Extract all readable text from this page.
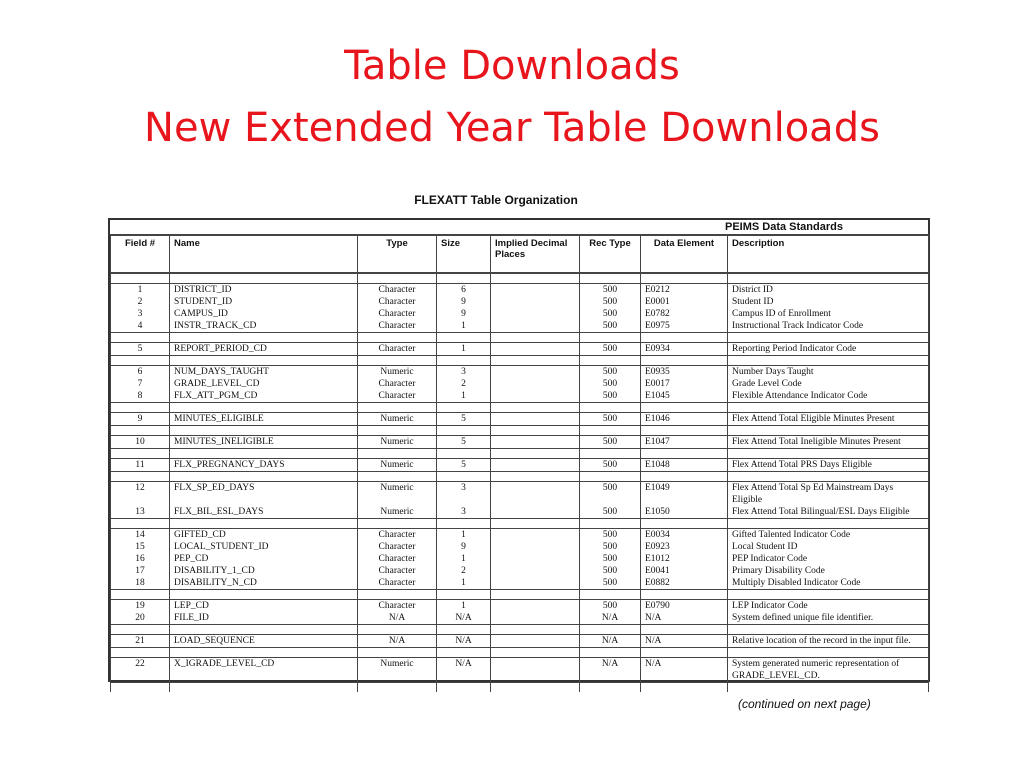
Table Downloads
New Extended Year Table Downloads
FLEXATT Table Organization
PEIMS Data Standards
Field #	Name	Type	Size	Implied Decimal Places	Rec Type	Data Element	Description

1	DISTRICT_ID	Character	6		500	E0212	District ID
2	STUDENT_ID	Character	9		500	E0001	Student ID
3	CAMPUS_ID	Character	9		500	E0782	Campus ID of Enrollment
4	INSTR_TRACK_CD	Character	1		500	E0975	Instructional Track Indicator Code

5	REPORT_PERIOD_CD	Character	1		500	E0934	Reporting Period Indicator Code

6	NUM_DAYS_TAUGHT	Numeric	3		500	E0935	Number Days Taught
7	GRADE_LEVEL_CD	Character	2		500	E0017	Grade Level Code
8	FLX_ATT_PGM_CD	Character	1		500	E1045	Flexible Attendance Indicator Code

9	MINUTES_ELIGIBLE	Numeric	5		500	E1046	Flex Attend Total Eligible Minutes Present

10	MINUTES_INELIGIBLE	Numeric	5		500	E1047	Flex Attend Total Ineligible Minutes Present

11	FLX_PREGNANCY_DAYS	Numeric	5		500	E1048	Flex Attend Total PRS Days Eligible

12	FLX_SP_ED_DAYS	Numeric	3		500	E1049	Flex Attend Total Sp Ed Mainstream Days Eligible
13	FLX_BIL_ESL_DAYS	Numeric	3		500	E1050	Flex Attend Total Bilingual/ESL Days Eligible

14	GIFTED_CD	Character	1		500	E0034	Gifted Talented Indicator Code
15	LOCAL_STUDENT_ID	Character	9		500	E0923	Local Student ID
16	PEP_CD	Character	1		500	E1012	PEP Indicator Code
17	DISABILITY_1_CD	Character	2		500	E0041	Primary Disability Code
18	DISABILITY_N_CD	Character	1		500	E0882	Multiply Disabled Indicator Code

19	LEP_CD	Character	1		500	E0790	LEP Indicator Code
20	FILE_ID	N/A	N/A		N/A	N/A	System defined unique file identifier.

21	LOAD_SEQUENCE	N/A	N/A		N/A	N/A	Relative location of the record in the input file.

22	X_IGRADE_LEVEL_CD	Numeric	N/A		N/A	N/A	System generated numeric representation of GRADE_LEVEL_CD.

(continued on next page)
